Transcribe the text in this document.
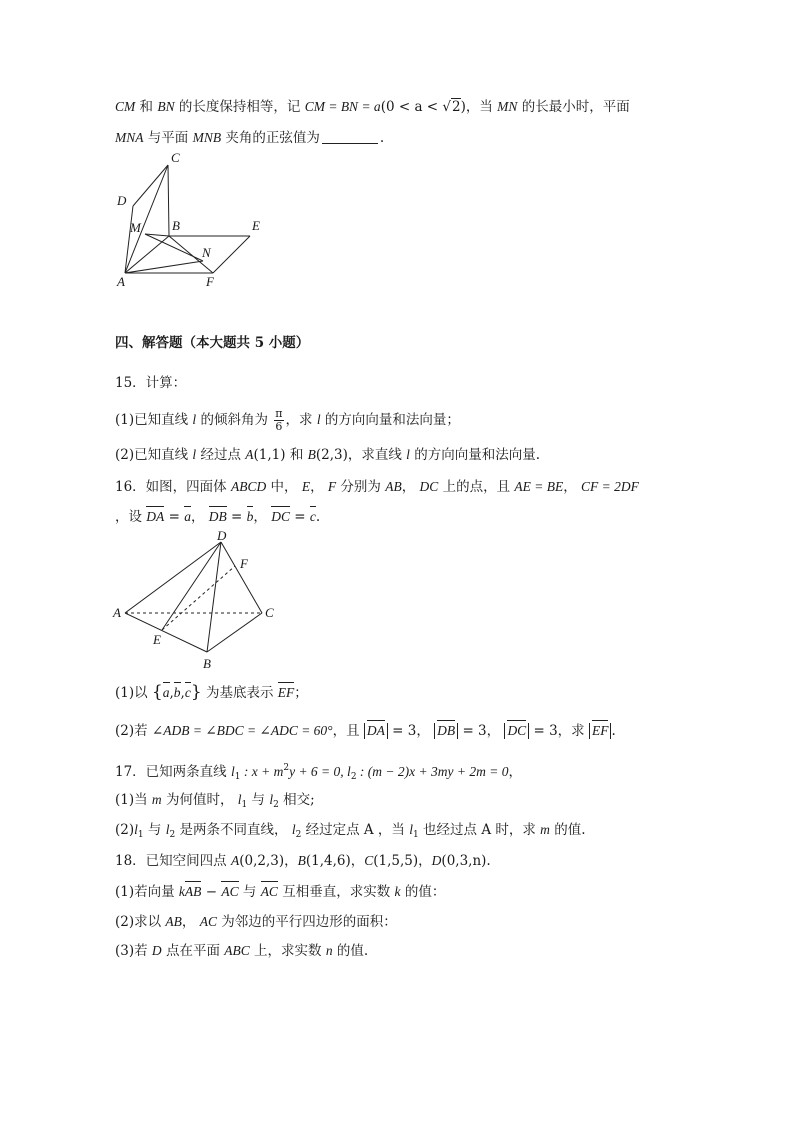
CM 和 BN 的长度保持相等，记 CM = BN = a(0 < a < √2)，当 MN 的长最小时，平面
MNA 与平面 MNB 夹角的正弦值为	.
C
D
M B	E
N
A	F
四、解答题（本大题共 5 小题）
15．计算：
(1)已知直线 l 的倾斜角为 $\frac{\pi}{6}$ ，求 l 的方向向量和法向量；
(2)已知直线 l 经过点 A(1,1) 和 B(2,3)，求直线 l 的方向向量和法向量.
16．如图，四面体 ABCD 中， E， F 分别为 AB， DC 上的点，且 AE = BE， CF = 2DF
，设 DA = a， DB = b， DC = c.
D
F
A	C
E
B
(1)以 {a,b,c} 为基底表示 EF；
(2)若 ∠ADB = ∠BDC = ∠ADC = 60°，且 DA = 3， DB = 3， DC = 3，求 EF .
17．已知两条直线 $l_1$ : $x + m^2y + 6 = 0$, $l_2$ : (m − 2)x + 3my + 2m = 0，
(1)当 m 为何值时， $l_1$ 与 $l_2$ 相交;
$(2)l_1$ 与 $l_2$ 是两条不同直线， $l_2$ 经过定点 A ，当 $l_1$ 也经过点 A 时，求 m 的值.
18．已知空间四点 A(0,2,3)，B(1,4,6)，C(1,5,5)，D(0,3,n).
(1)若向量 kAB − AC 与 AC 互相垂直，求实数 k 的值：
(2)求以 AB， AC 为邻边的平行四边形的面积：
(3)若 D 点在平面 ABC 上，求实数 n 的值.
